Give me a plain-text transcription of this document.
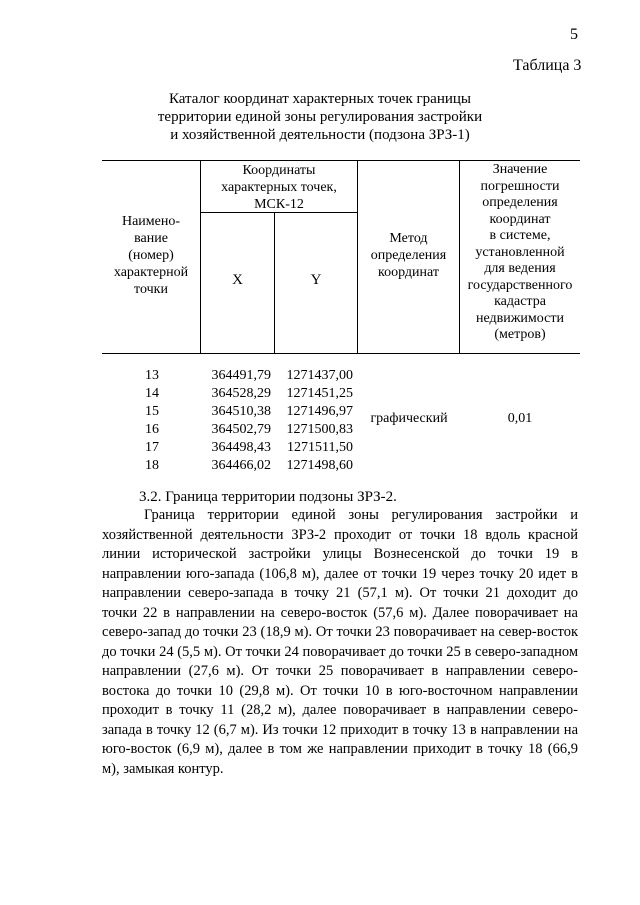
5
Таблица 3
Каталог координат характерных точек границы
территории единой зоны регулирования застройки
и хозяйственной деятельности (подзона ЗРЗ-1)
Наимено-
вание
(номер)
характерной
точки
Координаты
характерных точек,
МСК-12
X	Y
Метод
определения
координат
Значение
погрешности
определения
координат
в системе,
установленной
для ведения
государственного
кадастра
недвижимости
(метров)
13	364491,79	1271437,00
14	364528,29	1271451,25
15	364510,38	1271496,97
16	364502,79	1271500,83
17	364498,43	1271511,50
18	364466,02	1271498,60
графический	0,01
3.2. Граница территории подзоны ЗРЗ-2.
Граница территории единой зоны регулирования застройки и хозяйственной деятельности ЗРЗ-2 проходит от точки 18 вдоль красной линии исторической застройки улицы Вознесенской до точки 19 в направлении юго-запада (106,8 м), далее от точки 19 через точку 20 идет в направлении северо-запада в точку 21 (57,1 м). От точки 21 доходит до точки 22 в направлении на северо-восток (57,6 м). Далее поворачивает на северо-запад до точки 23 (18,9 м). От точки 23 поворачивает на север-восток до точки 24 (5,5 м). От точки 24 поворачивает до точки 25 в северо-западном направлении (27,6 м). От точки 25 поворачивает в направлении северо-востока до точки 10 (29,8 м). От точки 10 в юго-восточном направлении проходит в точку 11 (28,2 м), далее поворачивает в направлении северо-запада в точку 12 (6,7 м). Из точки 12 приходит в точку 13 в направлении на юго-восток (6,9 м), далее в том же направлении приходит в точку 18 (66,9 м), замыкая контур.
